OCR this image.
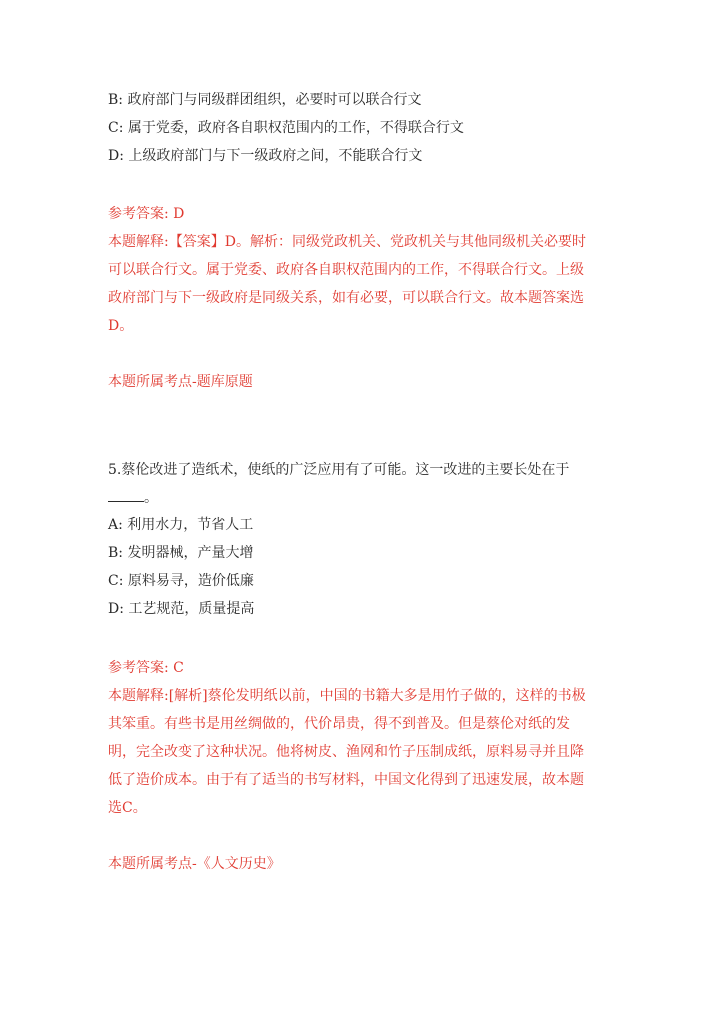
B: 政府部门与同级群团组织，必要时可以联合行文
C: 属于党委，政府各自职权范围内的工作，不得联合行文
D: 上级政府部门与下一级政府之间，不能联合行文
参考答案: D
本题解释:【答案】D。解析：同级党政机关、党政机关与其他同级机关必要时
可以联合行文。属于党委、政府各自职权范围内的工作，不得联合行文。上级
政府部门与下一级政府是同级关系，如有必要，可以联合行文。故本题答案选
D。
本题所属考点-题库原题
5.蔡伦改进了造纸术，使纸的广泛应用有了可能。这一改进的主要长处在于
。
A: 利用水力，节省人工
B: 发明器械，产量大增
C: 原料易寻，造价低廉
D: 工艺规范，质量提高
参考答案: C
本题解释:[解析]蔡伦发明纸以前，中国的书籍大多是用竹子做的，这样的书极
其笨重。有些书是用丝绸做的，代价昂贵，得不到普及。但是蔡伦对纸的发
明，完全改变了这种状况。他将树皮、渔网和竹子压制成纸，原料易寻并且降
低了造价成本。由于有了适当的书写材料，中国文化得到了迅速发展，故本题
选C。
本题所属考点-《人文历史》
